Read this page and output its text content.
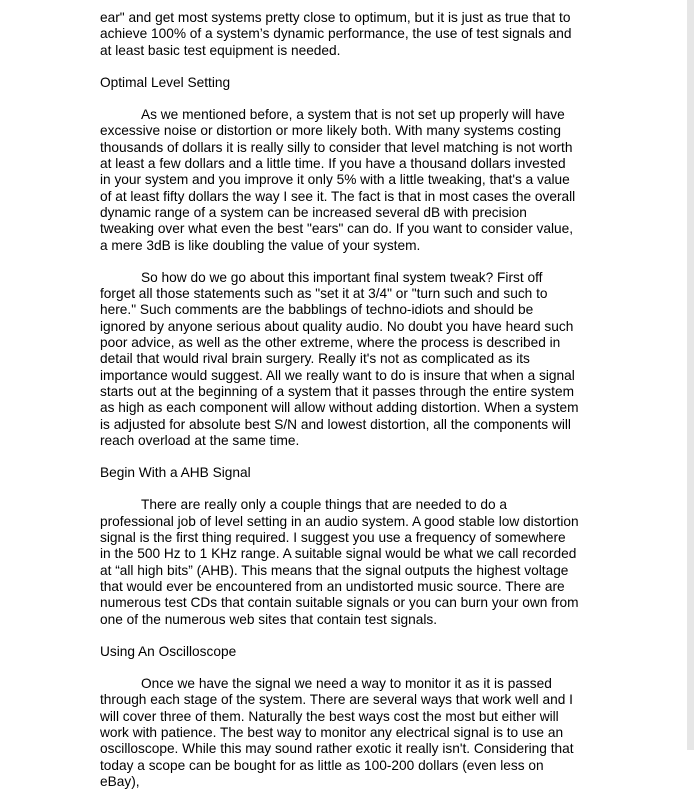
ear" and get most systems pretty close to optimum, but it is just as true that to achieve 100% of a system’s dynamic performance, the use of test signals and at least basic test equipment is needed.

Optimal Level Setting

As we mentioned before, a system that is not set up properly will have excessive noise or distortion or more likely both. With many systems costing thousands of dollars it is really silly to consider that level matching is not worth at least a few dollars and a little time. If you have a thousand dollars invested in your system and you improve it only 5% with a little tweaking, that's a value of at least fifty dollars the way I see it. The fact is that in most cases the overall dynamic range of a system can be increased several dB with precision tweaking over what even the best "ears" can do. If you want to consider value, a mere 3dB is like doubling the value of your system.

So how do we go about this important final system tweak? First off forget all those statements such as "set it at 3/4" or "turn such and such to here." Such comments are the babblings of techno-idiots and should be ignored by anyone serious about quality audio. No doubt you have heard such poor advice, as well as the other extreme, where the process is described in detail that would rival brain surgery. Really it's not as complicated as its importance would suggest. All we really want to do is insure that when a signal starts out at the beginning of a system that it passes through the entire system as high as each component will allow without adding distortion. When a system is adjusted for absolute best S/N and lowest distortion, all the components will reach overload at the same time.

Begin With a AHB Signal

There are really only a couple things that are needed to do a professional job of level setting in an audio system. A good stable low distortion signal is the first thing required. I suggest you use a frequency of somewhere in the 500 Hz to 1 KHz range. A suitable signal would be what we call recorded at “all high bits” (AHB). This means that the signal outputs the highest voltage that would ever be encountered from an undistorted music source. There are numerous test CDs that contain suitable signals or you can burn your own from one of the numerous web sites that contain test signals.

Using An Oscilloscope

Once we have the signal we need a way to monitor it as it is passed through each stage of the system. There are several ways that work well and I will cover three of them. Naturally the best ways cost the most but either will work with patience. The best way to monitor any electrical signal is to use an oscilloscope. While this may sound rather exotic it really isn't. Considering that today a scope can be bought for as little as 100-200 dollars (even less on eBay),
